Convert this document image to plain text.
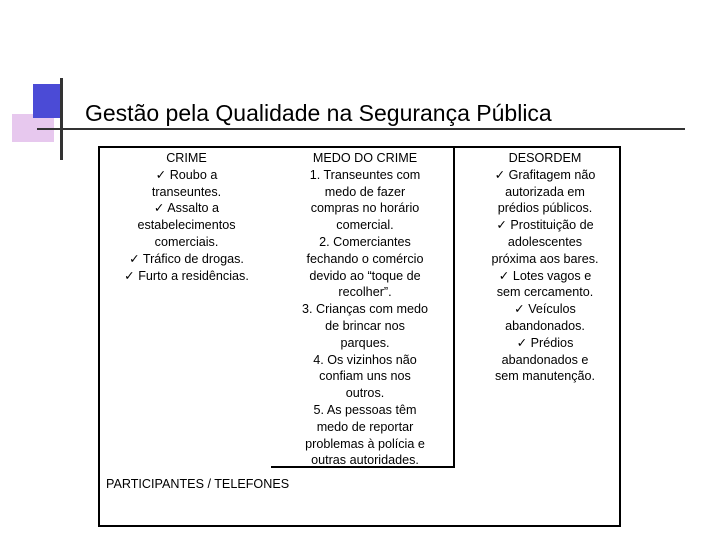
Gestão pela Qualidade na Segurança Pública
CRIME
✓ Roubo a
transeuntes.
✓ Assalto a
estabelecimentos
comerciais.
✓ Tráfico de drogas.
✓ Furto a residências.
MEDO DO CRIME
1. Transeuntes com
medo de fazer
compras no horário
comercial.
2. Comerciantes
fechando o comércio
devido ao “toque de
recolher”.
3. Crianças com medo
de brincar nos
parques.
4. Os vizinhos não
confiam uns nos
outros.
5. As pessoas têm
medo de reportar
problemas à polícia e
outras autoridades.
DESORDEM
✓ Grafitagem não
autorizada em
prédios públicos.
✓ Prostituição de
adolescentes
próxima aos bares.
✓ Lotes vagos e
sem cercamento.
✓ Veículos
abandonados.
✓ Prédios
abandonados e
sem manutenção.
PARTICIPANTES / TELEFONES
